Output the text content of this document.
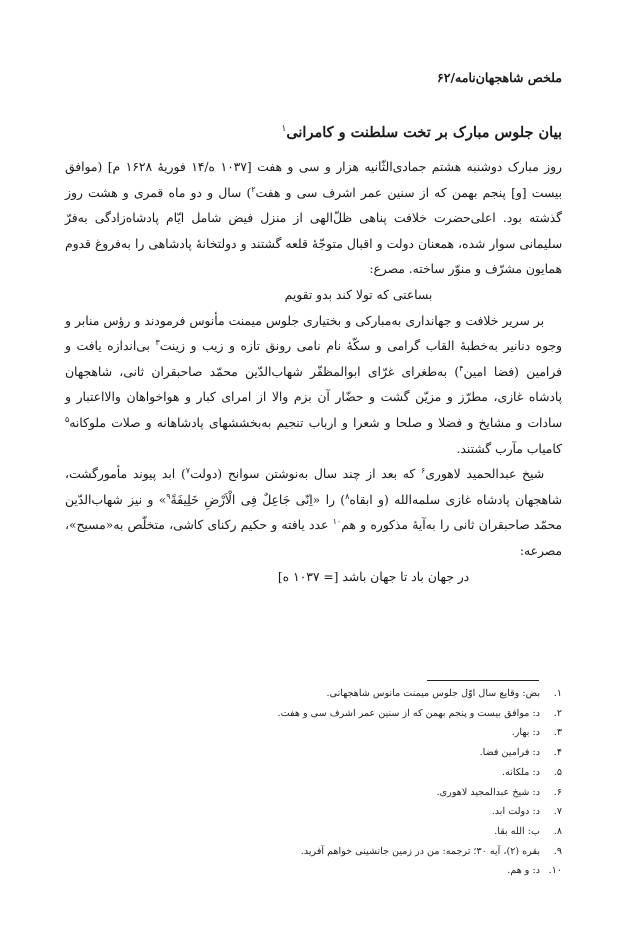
ملخص شاهجهان‌نامه/۶۲
بیان جلوس مبارک بر تخت سلطنت و کامرانی$^۱$

روز مبارک دوشنبه هشتم جمادی‌الثّانیه هزار و سی و هفت [۱۰۳۷ ه/۱۴ فوریهٔ ۱۶۲۸ م] (موافق بیست [و] پنجم بهمن که از سنین عمر اشرف سی و هفت$^۲$) سال و دو ماه قمری و هشت روز گذشته بود. اعلی‌حضرت خلافت پناهی ظلّ‌الهی از منزل فیض شامل ایّام پادشاه‌زادگی به‌فرّ سلیمانی سوار شده، همعنان دولت و اقبال متوجّهٔ قلعه گشتند و دولتخانهٔ پادشاهی را به‌فروغ قدوم همایون مشرّف و منوّر ساخته. مصرع:

بساعتی که تولا کند بدو تقویم

بر سریر خلافت و جهانداری به‌مبارکی و بختیاری جلوس میمنت مأنوس فرمودند و رؤس منابر و وجوه دنانیر به‌خطبهٔ القاب گرامی و سکّهٔ نام نامی رونق تازه و زیب و زینت$^۳$ بی‌اندازه یافت و فرامین (فضا امین$^۴$) به‌طغرای غرّای ابوالمظفّر شهاب‌الدّین محمّد صاحبقران ثانی، شاهجهان پادشاه غازی، مطرّز و مزیّن گشت و حضّار آن بزم والا از امرای کبار و هواخواهان والااعتبار و سادات و مشایخ و فضلا و صلحا و شعرا و ارباب تنجیم به‌بخششهای پادشاهانه و صلات ملوکانه$^۵$ کامیاب مآرب گشتند.

شیخ عبدالحمید لاهوری$^۶$ که بعد از چند سال به‌نوشتن سوانح (دولت$^۷$) ابد پیوند مأمورگشت، شاهجهان پادشاه غازی سلمه‌الله (و ابقاه$^۸$) را «اِنّی جَاعِلٌ فِی الْاَرْضِ خَلِیفَةً$^۹$» و نیز شهاب‌الدّین محمّد صاحبقران ثانی را به‌آیهٔ مذکوره و هم$^{۱۰}$ عدد یافته و حکیم رکنای کاشی، متخلّص به«مسیح»، مصرعه:

در جهان باد تا جهان باشد [= ۱۰۳۷ ه]

۱.
بض: وقایع سال اوّل جلوس میمنت مانوس شاهجهانی.
۲.
د: موافق بیست و پنجم بهمن که از سنین عمر اشرف سی و هفت.
۳.
د: بهار.
۴.
د: فرامین فضا.
۵.
د: ملکانه.
۶.
د: شیخ عبدالمجید لاهوری.
۷.
د: دولت ابد.
۸.
ب: الله بقا.
۹.
بقره (۲)، آیه ۳۰؛ ترجمه: من در زمین جانشینی خواهم آفرید.
۱۰.
د: و هم.
